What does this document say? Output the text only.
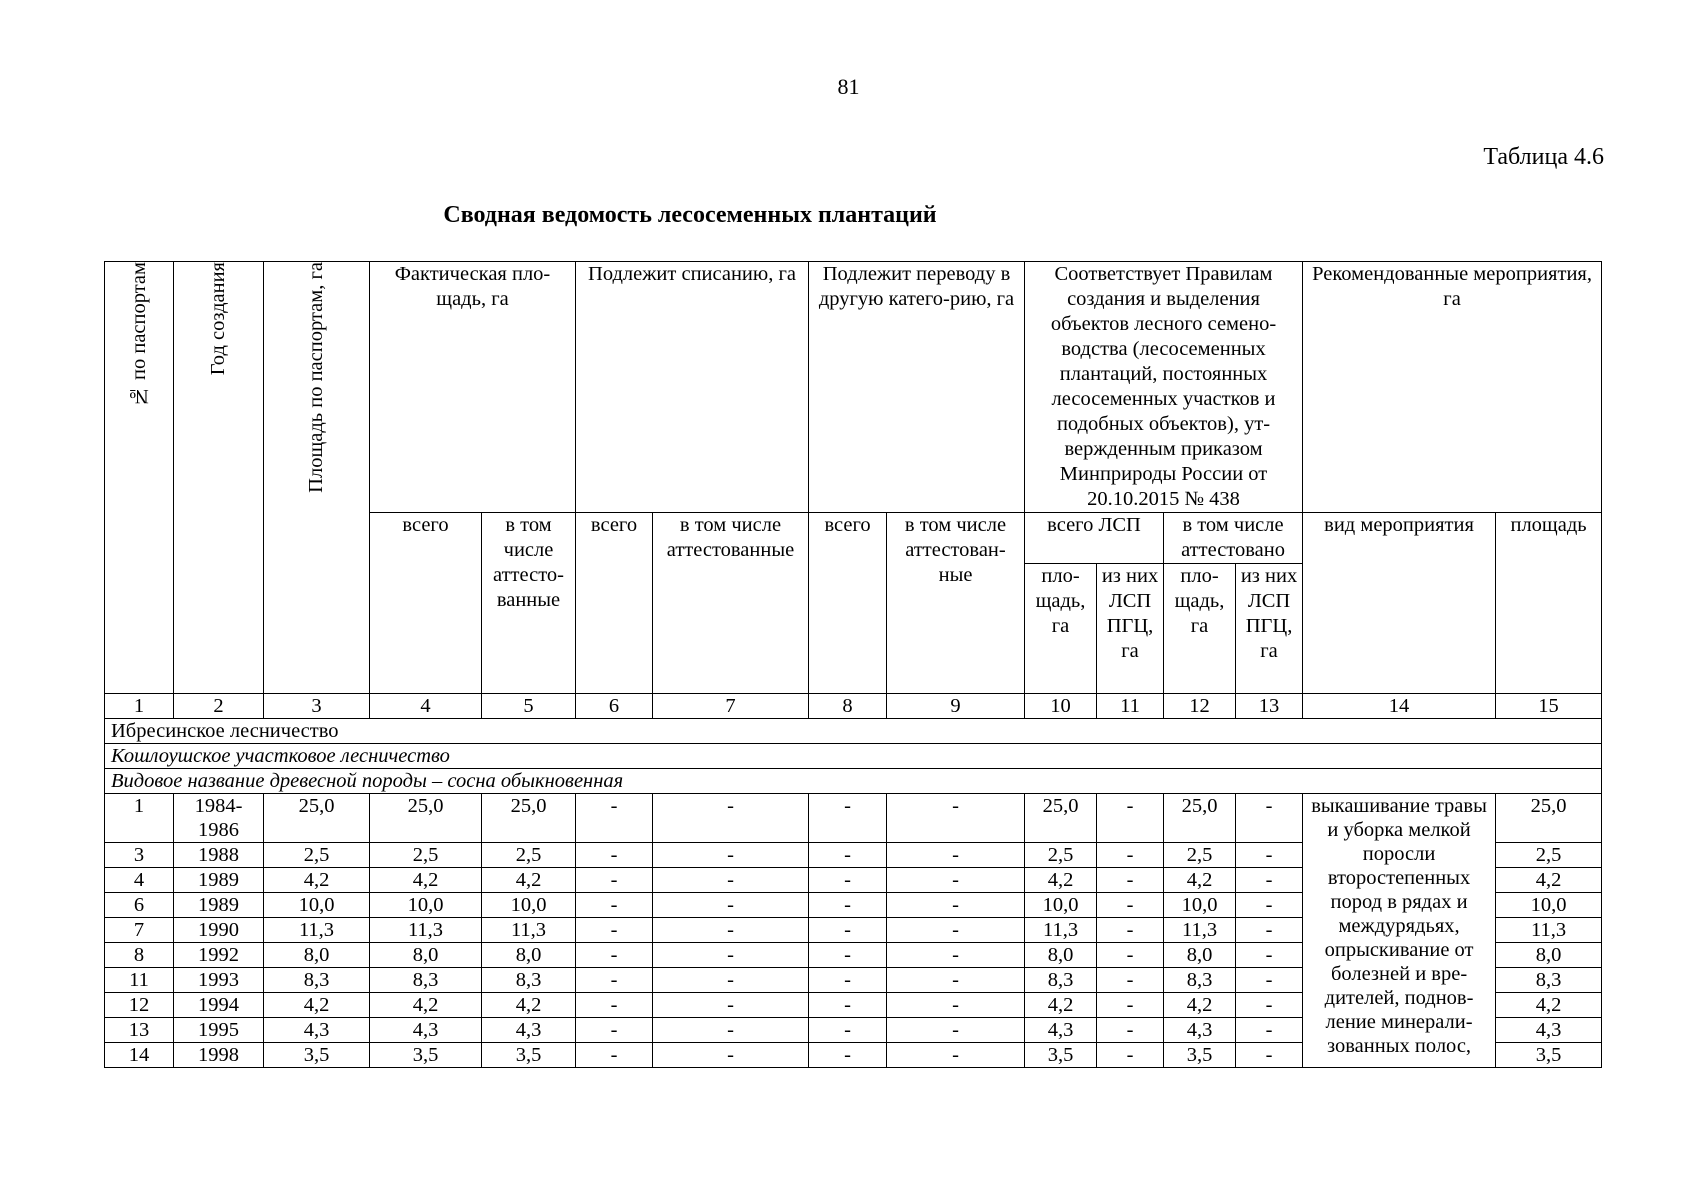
81
Таблица 4.6
Сводная ведомость лесосеменных плантаций
№ по паспортам	Год создания	Площадь по паспортам, га	Фактическая пло-щадь, га		Подлежит списанию, га		Подлежит переводу в другую катего-рию, га		Соответствует Правилам создания и выделения объектов лесного семено-водства (лесосеменных плантаций, постоянных лесосеменных участков и подобных объектов), ут-вержденным приказом Минприроды России от 20.10.2015 № 438				Рекомендованные мероприятия, га	
			всего	в том числе аттесто-ванные	всего	в том числе аттестованные	всего	в том числе аттестован-ные	всего ЛСП		в том числе аттестовано		вид мероприятия	площадь
									пло-щадь, га	из них ЛСП ПГЦ, га	пло-щадь, га	из них ЛСП ПГЦ, га		
1	2	3	4	5	6	7	8	9	10	11	12	13	14	15
Ибресинское лесничество														
Кошлоушское участковое лесничество														
Видовое название древесной породы – сосна обыкновенная														
1	1984-1986	25,0	25,0	25,0	-	-	-	-	25,0	-	25,0	-	выкашивание травы и уборка мелкой поросли второстепенных пород в рядах и междурядьях, опрыскивание от болезней и вре-дителей, поднов-ление минерали-зованных полос,	25,0
3	1988	2,5	2,5	2,5	-	-	-	-	2,5	-	2,5	-		2,5
4	1989	4,2	4,2	4,2	-	-	-	-	4,2	-	4,2	-		4,2
6	1989	10,0	10,0	10,0	-	-	-	-	10,0	-	10,0	-		10,0
7	1990	11,3	11,3	11,3	-	-	-	-	11,3	-	11,3	-		11,3
8	1992	8,0	8,0	8,0	-	-	-	-	8,0	-	8,0	-		8,0
11	1993	8,3	8,3	8,3	-	-	-	-	8,3	-	8,3	-		8,3
12	1994	4,2	4,2	4,2	-	-	-	-	4,2	-	4,2	-		4,2
13	1995	4,3	4,3	4,3	-	-	-	-	4,3	-	4,3	-		4,3
14	1998	3,5	3,5	3,5	-	-	-	-	3,5	-	3,5	-		3,5
